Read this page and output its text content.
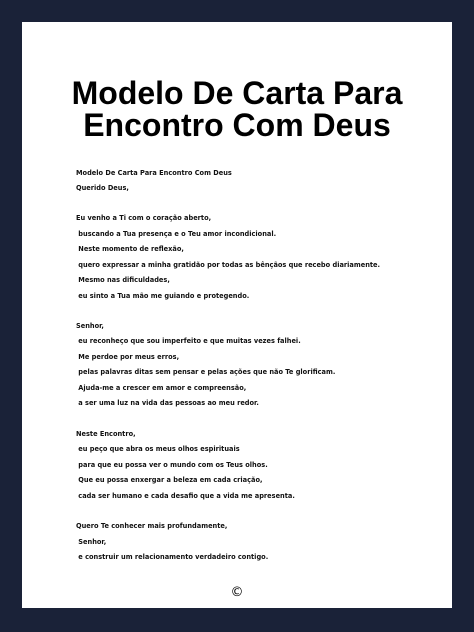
Modelo De Carta Para
Encontro Com Deus
Modelo De Carta Para Encontro Com Deus
Querido Deus,
Eu venho a Ti com o coração aberto,
buscando a Tua presença e o Teu amor incondicional.
Neste momento de reflexão,
quero expressar a minha gratidão por todas as bênçãos que recebo diariamente.
Mesmo nas dificuldades,
eu sinto a Tua mão me guiando e protegendo.
Senhor,
eu reconheço que sou imperfeito e que muitas vezes falhei.
Me perdoe por meus erros,
pelas palavras ditas sem pensar e pelas ações que não Te glorificam.
Ajuda-me a crescer em amor e compreensão,
a ser uma luz na vida das pessoas ao meu redor.
Neste Encontro,
eu peço que abra os meus olhos espirituais
para que eu possa ver o mundo com os Teus olhos.
Que eu possa enxergar a beleza em cada criação,
cada ser humano e cada desafio que a vida me apresenta.
Quero Te conhecer mais profundamente,
Senhor,
e construir um relacionamento verdadeiro contigo.
©
